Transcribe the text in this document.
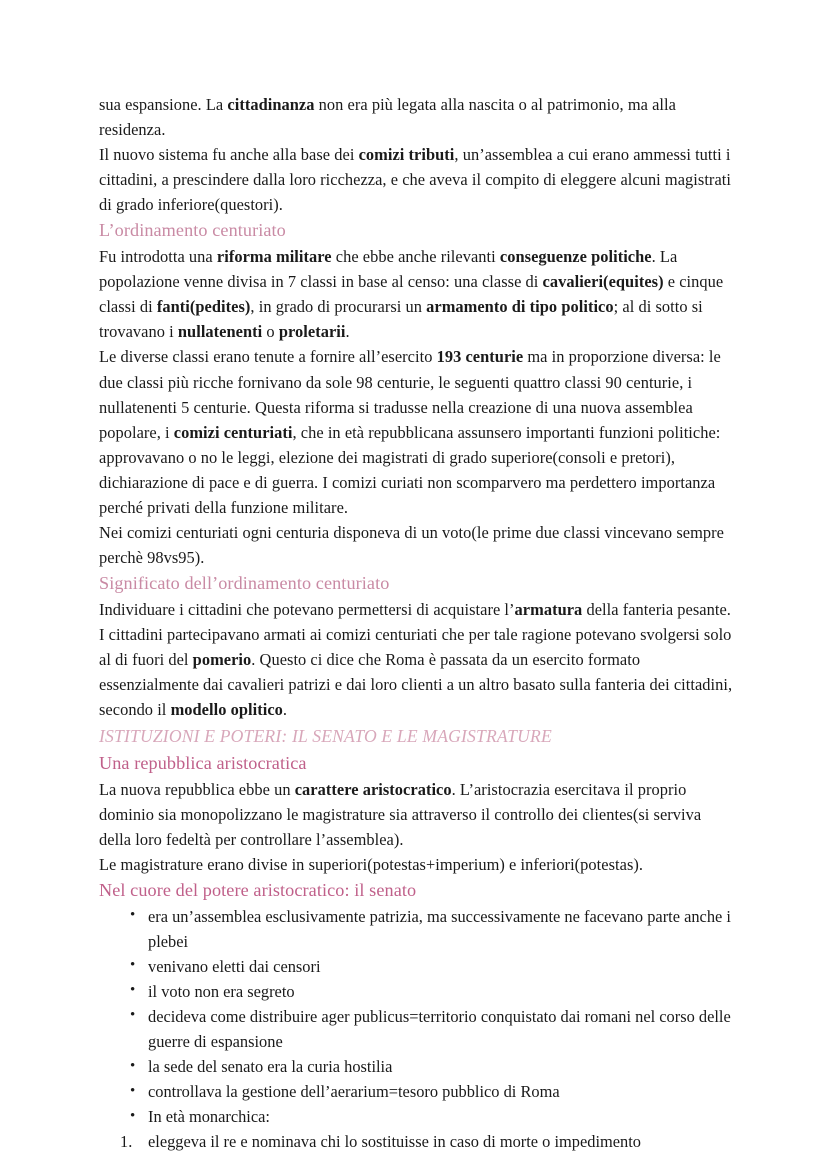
sua espansione. La cittadinanza non era più legata alla nascita o al patrimonio, ma alla residenza.

Il nuovo sistema fu anche alla base dei comizi tributi, un’assemblea a cui erano ammessi tutti i cittadini, a prescindere dalla loro ricchezza, e che aveva il compito di eleggere alcuni magistrati di grado inferiore(questori).

L’ordinamento centuriato

Fu introdotta una riforma militare che ebbe anche rilevanti conseguenze politiche. La popolazione venne divisa in 7 classi in base al censo: una classe di cavalieri(equites) e cinque classi di fanti(pedites), in grado di procurarsi un armamento di tipo politico; al di sotto si trovavano i nullatenenti o proletarii.

Le diverse classi erano tenute a fornire all’esercito 193 centurie ma in proporzione diversa: le due classi più ricche fornivano da sole 98 centurie, le seguenti quattro classi 90 centurie, i nullatenenti 5 centurie. Questa riforma si tradusse nella creazione di una nuova assemblea popolare, i comizi centuriati, che in età repubblicana assunsero importanti funzioni politiche: approvavano o no le leggi, elezione dei magistrati di grado superiore(consoli e pretori), dichiarazione di pace e di guerra. I comizi curiati non scomparvero ma perdettero importanza perché privati della funzione militare.

Nei comizi centuriati ogni centuria disponeva di un voto(le prime due classi vincevano sempre perchè 98vs95).

Significato dell’ordinamento centuriato

Individuare i cittadini che potevano permettersi di acquistare l’armatura della fanteria pesante. I cittadini partecipavano armati ai comizi centuriati che per tale ragione potevano svolgersi solo al di fuori del pomerio. Questo ci dice che Roma è passata da un esercito formato essenzialmente dai cavalieri patrizi e dai loro clienti a un altro basato sulla fanteria dei cittadini, secondo il modello oplitico.

ISTITUZIONI E POTERI: IL SENATO E LE MAGISTRATURE
Una repubblica aristocratica

La nuova repubblica ebbe un carattere aristocratico. L’aristocrazia esercitava il proprio dominio sia monopolizzano le magistrature sia attraverso il controllo dei clientes(si serviva della loro fedeltà per controllare l’assemblea).

Le magistrature erano divise in superiori(potestas+imperium) e inferiori(potestas).

Nel cuore del potere aristocratico: il senato
• era un’assemblea esclusivamente patrizia, ma successivamente ne facevano parte anche i plebei
• venivano eletti dai censori
• il voto non era segreto
• decideva come distribuire ager publicus=territorio conquistato dai romani nel corso delle guerre di espansione
• la sede del senato era la curia hostilia
• controllava la gestione dell’aerarium=tesoro pubblico di Roma
• In età monarchica:
eleggeva il re e nominava chi lo sostituisse in caso di morte o impedimento
